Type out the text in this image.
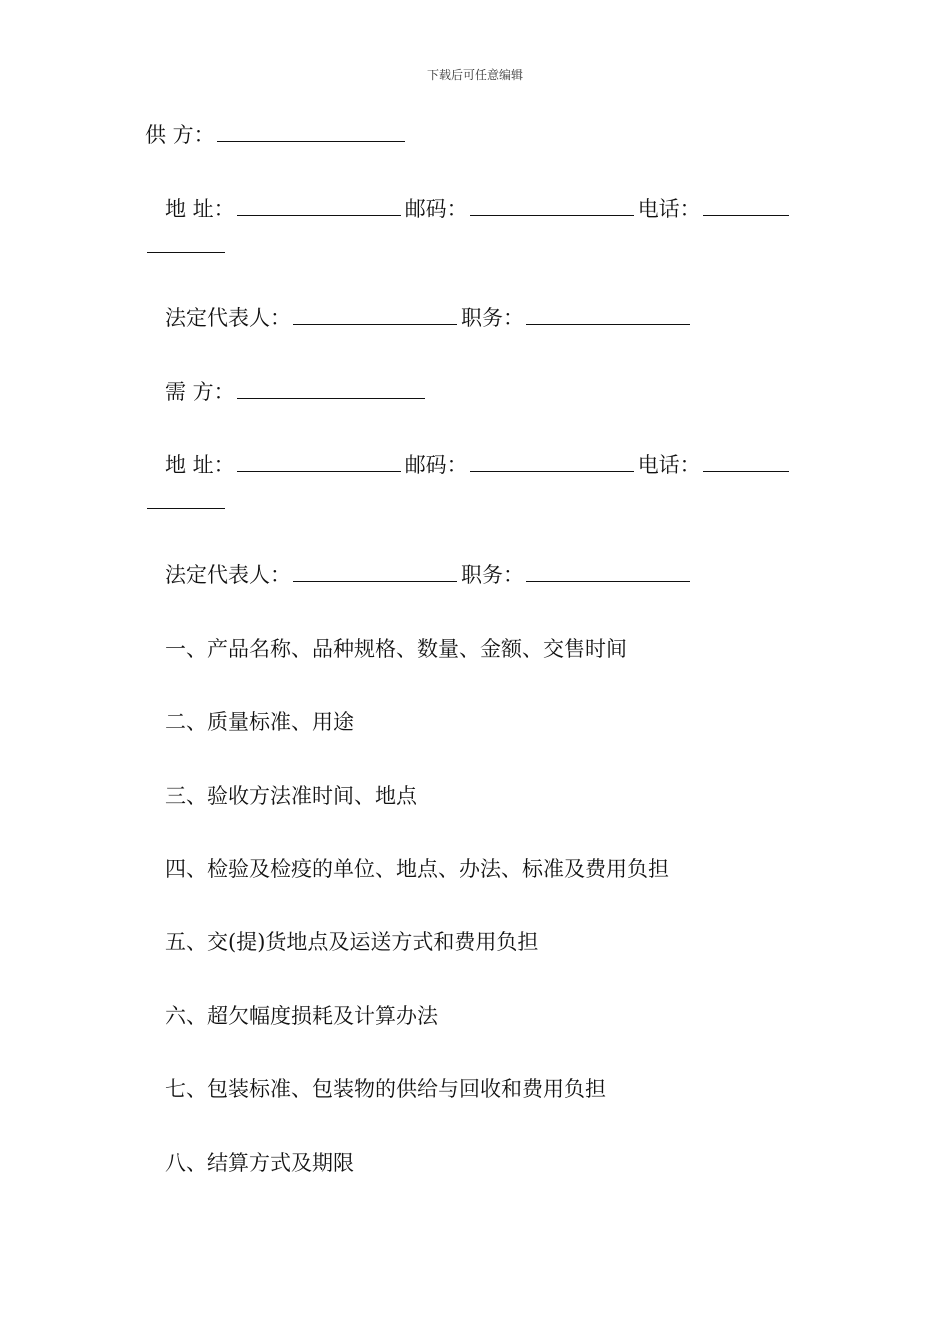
下载后可任意编辑
供 方：
地 址：	邮码：	电话：
法定代表人：	职务：
需 方：
地 址：	邮码：	电话：
法定代表人：	职务：
一、产品名称、品种规格、数量、金额、交售时间
二、质量标准、用途
三、验收方法准时间、地点
四、检验及检疫的单位、地点、办法、标准及费用负担
五、交(提)货地点及运送方式和费用负担
六、超欠幅度损耗及计算办法
七、包装标准、包装物的供给与回收和费用负担
八、结算方式及期限
